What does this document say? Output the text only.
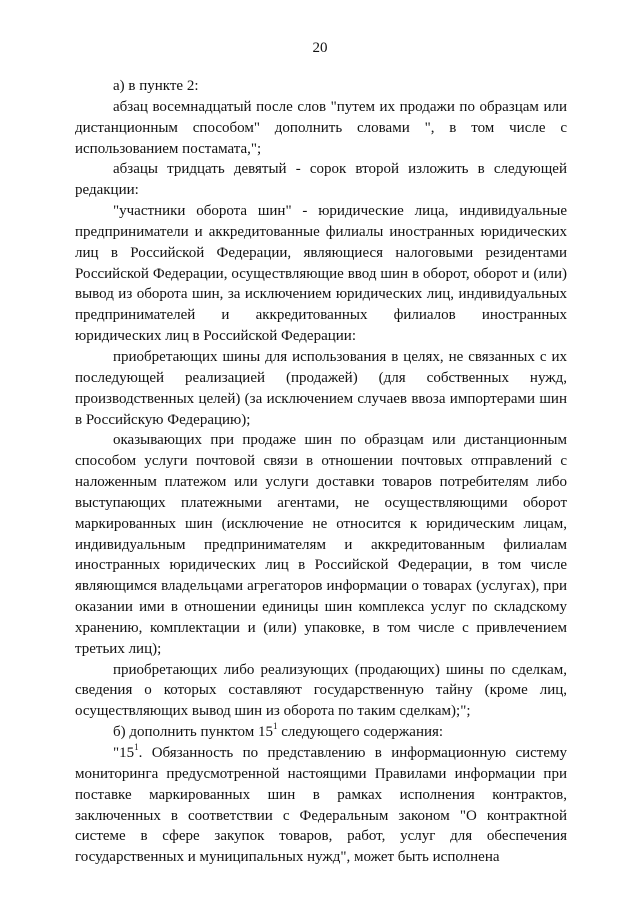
20

а) в пункте 2:

абзац восемнадцатый после слов "путем их продажи по образцам или дистанционным способом" дополнить словами ", в том числе с использованием постамата,";

абзацы тридцать девятый - сорок второй изложить в следующей редакции:

"участники оборота шин" - юридические лица, индивидуальные предприниматели и аккредитованные филиалы иностранных юридических лиц в Российской Федерации, являющиеся налоговыми резидентами Российской Федерации, осуществляющие ввод шин в оборот, оборот и (или) вывод из оборота шин, за исключением юридических лиц, индивидуальных предпринимателей и аккредитованных филиалов иностранных юридических лиц в Российской Федерации:

приобретающих шины для использования в целях, не связанных с их последующей реализацией (продажей) (для собственных нужд, производственных целей) (за исключением случаев ввоза импортерами шин в Российскую Федерацию);

оказывающих при продаже шин по образцам или дистанционным способом услуги почтовой связи в отношении почтовых отправлений с наложенным платежом или услуги доставки товаров потребителям либо выступающих платежными агентами, не осуществляющими оборот маркированных шин (исключение не относится к юридическим лицам, индивидуальным предпринимателям и аккредитованным филиалам иностранных юридических лиц в Российской Федерации, в том числе являющимся владельцами агрегаторов информации о товарах (услугах), при оказании ими в отношении единицы шин комплекса услуг по складскому хранению, комплектации и (или) упаковке, в том числе с привлечением третьих лиц);

приобретающих либо реализующих (продающих) шины по сделкам, сведения о которых составляют государственную тайну (кроме лиц, осуществляющих вывод шин из оборота по таким сделкам);";

б) дополнить пунктом $15^1$ следующего содержания:

"$15^1$. Обязанность по представлению в информационную систему мониторинга предусмотренной настоящими Правилами информации при поставке маркированных шин в рамках исполнения контрактов, заключенных в соответствии с Федеральным законом "О контрактной системе в сфере закупок товаров, работ, услуг для обеспечения государственных и муниципальных нужд", может быть исполнена
